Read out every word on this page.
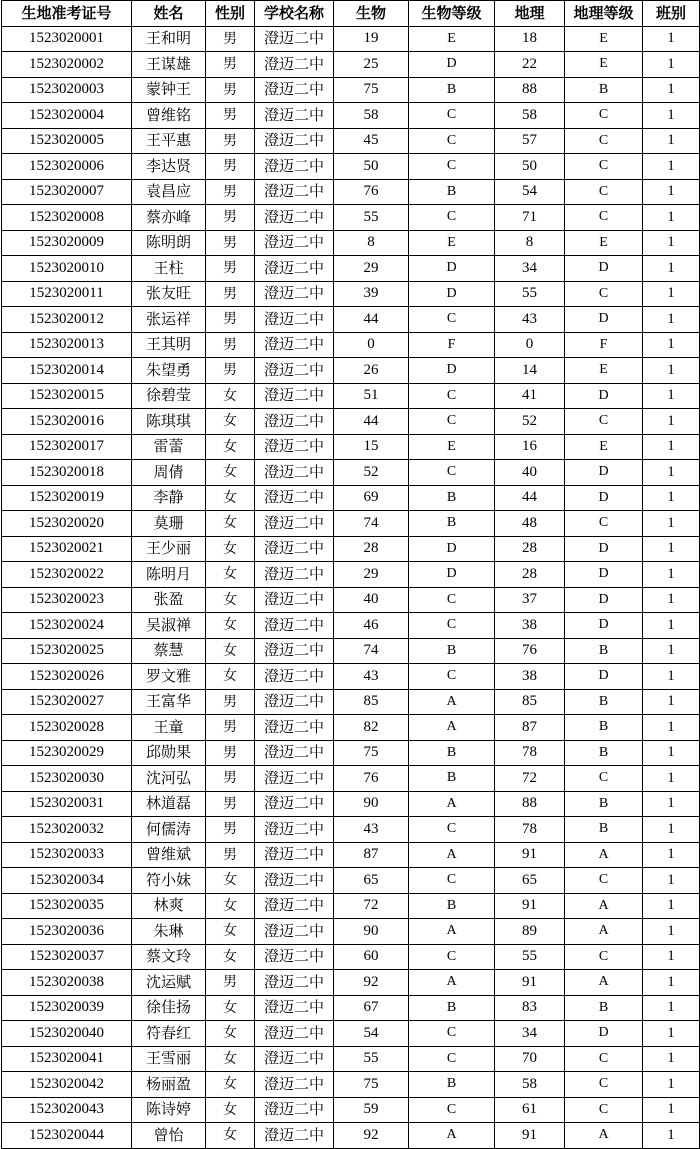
生地准考证号	姓名	性别	学校名称	生物	生物等级	地理	地理等级	班别
1523020001	王和明	男	澄迈二中	19	E	18	E	1
1523020002	王谋雄	男	澄迈二中	25	D	22	E	1
1523020003	蒙钟王	男	澄迈二中	75	B	88	B	1
1523020004	曾维铭	男	澄迈二中	58	C	58	C	1
1523020005	王平惠	男	澄迈二中	45	C	57	C	1
1523020006	李达贤	男	澄迈二中	50	C	50	C	1
1523020007	袁昌应	男	澄迈二中	76	B	54	C	1
1523020008	蔡亦峰	男	澄迈二中	55	C	71	C	1
1523020009	陈明朗	男	澄迈二中	8	E	8	E	1
1523020010	王柱	男	澄迈二中	29	D	34	D	1
1523020011	张友旺	男	澄迈二中	39	D	55	C	1
1523020012	张运祥	男	澄迈二中	44	C	43	D	1
1523020013	王其明	男	澄迈二中	0	F	0	F	1
1523020014	朱望勇	男	澄迈二中	26	D	14	E	1
1523020015	徐碧莹	女	澄迈二中	51	C	41	D	1
1523020016	陈琪琪	女	澄迈二中	44	C	52	C	1
1523020017	雷蕾	女	澄迈二中	15	E	16	E	1
1523020018	周倩	女	澄迈二中	52	C	40	D	1
1523020019	李静	女	澄迈二中	69	B	44	D	1
1523020020	莫珊	女	澄迈二中	74	B	48	C	1
1523020021	王少丽	女	澄迈二中	28	D	28	D	1
1523020022	陈明月	女	澄迈二中	29	D	28	D	1
1523020023	张盈	女	澄迈二中	40	C	37	D	1
1523020024	吴淑禅	女	澄迈二中	46	C	38	D	1
1523020025	蔡慧	女	澄迈二中	74	B	76	B	1
1523020026	罗文雅	女	澄迈二中	43	C	38	D	1
1523020027	王富华	男	澄迈二中	85	A	85	B	1
1523020028	王童	男	澄迈二中	82	A	87	B	1
1523020029	邱勋果	男	澄迈二中	75	B	78	B	1
1523020030	沈河弘	男	澄迈二中	76	B	72	C	1
1523020031	林道磊	男	澄迈二中	90	A	88	B	1
1523020032	何儒涛	男	澄迈二中	43	C	78	B	1
1523020033	曾维斌	男	澄迈二中	87	A	91	A	1
1523020034	符小妹	女	澄迈二中	65	C	65	C	1
1523020035	林爽	女	澄迈二中	72	B	91	A	1
1523020036	朱琳	女	澄迈二中	90	A	89	A	1
1523020037	蔡文玲	女	澄迈二中	60	C	55	C	1
1523020038	沈运赋	男	澄迈二中	92	A	91	A	1
1523020039	徐佳扬	女	澄迈二中	67	B	83	B	1
1523020040	符春红	女	澄迈二中	54	C	34	D	1
1523020041	王雪丽	女	澄迈二中	55	C	70	C	1
1523020042	杨丽盈	女	澄迈二中	75	B	58	C	1
1523020043	陈诗婷	女	澄迈二中	59	C	61	C	1
1523020044	曾怡	女	澄迈二中	92	A	91	A	1
